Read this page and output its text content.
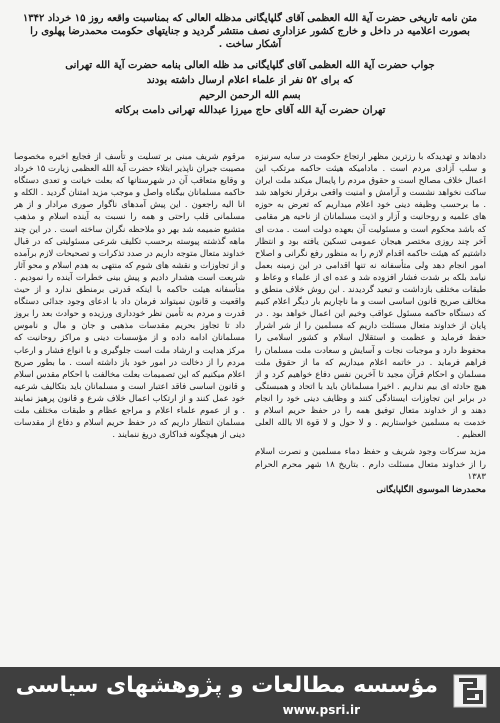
متن نامه تاریخی حضرت آیة الله العظمی آقای گلپایگانی مدظله العالی که بمناسبت واقعه روز ۱۵ خرداد ۱۳۴۲ بصورت اعلامیه در داخل و خارج کشور عزاداری نصف منتشر گردید و جنایتهای حکومت محمدرضا پهلوی را آشکار ساخت .

جواب حضرت آیة الله العظمی آقای گلپایگانی مد ظله العالی بنامه حضرت آیة الله تهرانی
که برای ۵۲ نفر از علماء اعلام ارسال داشته بودند
بسم الله الرحمن الرحیم
تهران حضرت آیة الله آقای حاج میرزا عبدالله تهرانی دامت برکاته

مرقوم شریف مبنی بر تسلیت و تأسف از فجایع اخیره مخصوصا مصیبت جبران ناپذیر ابتلاء حضرت آیة الله العظمی زیارت ۱۵ خرداد و وقایع متعاقب آن در شهرستانها که بعلت خیانت و تعدی دستگاه حاکمه مسلمانان بیگناه واصل و موجب مزید امتنان گردید . الکله و انا الیه راجعون . این پیش آمدهای ناگوار صوری مرادار و از هر مسلمانی قلب راحتی و همه را نسبت به آینده اسلام و مذهب متشیع ضمیمه شد بهر دو ملاحظه نگران ساخته است . در این چند ماهه گذشته پیوسته برحسب تکلیف شرعی مسئولیتی که در قبال خداوند متعال متوجه داریم در صدد تذکرات و تصحیحات لازم برآمده و از تجاوزات و نقشه های شوم که منتهی به هدم اسلام و محو آثار شریعت است هشدار دادیم و پیش بینی خطرات آینده را نمودیم . متأسفانه هیئت حاکمه با اینکه قدرتی برمنطق ندارد و از حیث واقعیت و قانون نمیتواند فرمان داد با ادعای وجود جدائی دستگاه قدرت و مردم به تأمین نظر خودداری ورزیده و حوادث بعد را بروز داد تا تجاوز بحریم مقدسات مذهبی و جان و مال و ناموس مسلمانان ادامه داده و از مؤسسات دینی و مراکز روحانیت که مرکز هدایت و ارشاد ملت است جلوگیری و با انواع فشار و ارعاب مردم را از دخالت در امور خود باز داشته است . ما بطور صریح اعلام میکنیم که این تصمیمات بعلت مخالفت با احکام مقدس اسلام و قانون اساسی فاقد اعتبار است و مسلمانان باید بتکالیف شرعیه خود عمل کنند و از ارتکاب اعمال خلاف شرع و قانون پرهیز نمایند . و از عموم علماء اعلام و مراجع عظام و طبقات مختلف ملت مسلمان انتظار داریم که در حفظ حریم اسلام و دفاع از مقدسات دینی از هیچگونه فداکاری دریغ ننمایند .

دادهاند و تهدیدکه با رزترین مظهر ارتجاع حکومت در سایه سرنیزه و سلب آزادی مردم است . مادامیکه هیئت حاکمه مرتکب این اعمال خلاف مصالح است و حقوق مردم را پایمال میکند ملت ایران ساکت نخواهد نشست و آرامش و امنیت واقعی برقرار نخواهد شد . ما برحسب وظیفه دینی خود اعلام میداریم که تعرض به حوزه های علمیه و روحانیت و آزار و اذیت مسلمانان از ناحیه هر مقامی که باشد محکوم است و مسئولیت آن بعهده دولت است . مدت ای آخر چند روزی مختصر هیجان عمومی تسکین یافته بود و انتظار داشتیم که هیئت حاکمه اقدام لازم را به منظور رفع نگرانی و اصلاح امور انجام دهد ولی متأسفانه نه تنها اقدامی در این زمینه بعمل نیامد بلکه بر شدت فشار افزوده شد و عده ای از علماء و وعاظ و طبقات مختلف بازداشت و تبعید گردیدند . این روش خلاف منطق و مخالف صریح قانون اساسی است و ما ناچاریم بار دیگر اعلام کنیم که دستگاه حاکمه مسئول عواقب وخیم این اعمال خواهد بود . در پایان از خداوند متعال مسئلت داریم که مسلمین را از شر اشرار حفظ فرماید و عظمت و استقلال اسلام و کشور اسلامی را محفوظ دارد و موجبات نجات و آسایش و سعادت ملت مسلمان را فراهم فرماید . در خاتمه اعلام میداریم که ما از حقوق ملت مسلمان و احکام قرآن مجید تا آخرین نفس دفاع خواهیم کرد و از هیچ حادثه ای بیم نداریم . اخیرا مسلمانان باید با اتحاد و همبستگی در برابر این تجاوزات ایستادگی کنند و وظایف دینی خود را انجام دهند و از خداوند متعال توفیق همه را در حفظ حریم اسلام و خدمت به مسلمین خواستاریم . و لا حول و لا قوة الا بالله العلی العظیم .

مزید سرکات وجود شریف و حفظ دماء مسلمین و نصرت اسلام را از خداوند متعال مسئلت دارم . بتاریخ ۱۸ شهر محرم الحرام ۱۳۸۳
محمدرضا الموسوی الگلپایگانی
مؤسسه مطالعات و پژوهشهای سیاسی
www.psri.ir
